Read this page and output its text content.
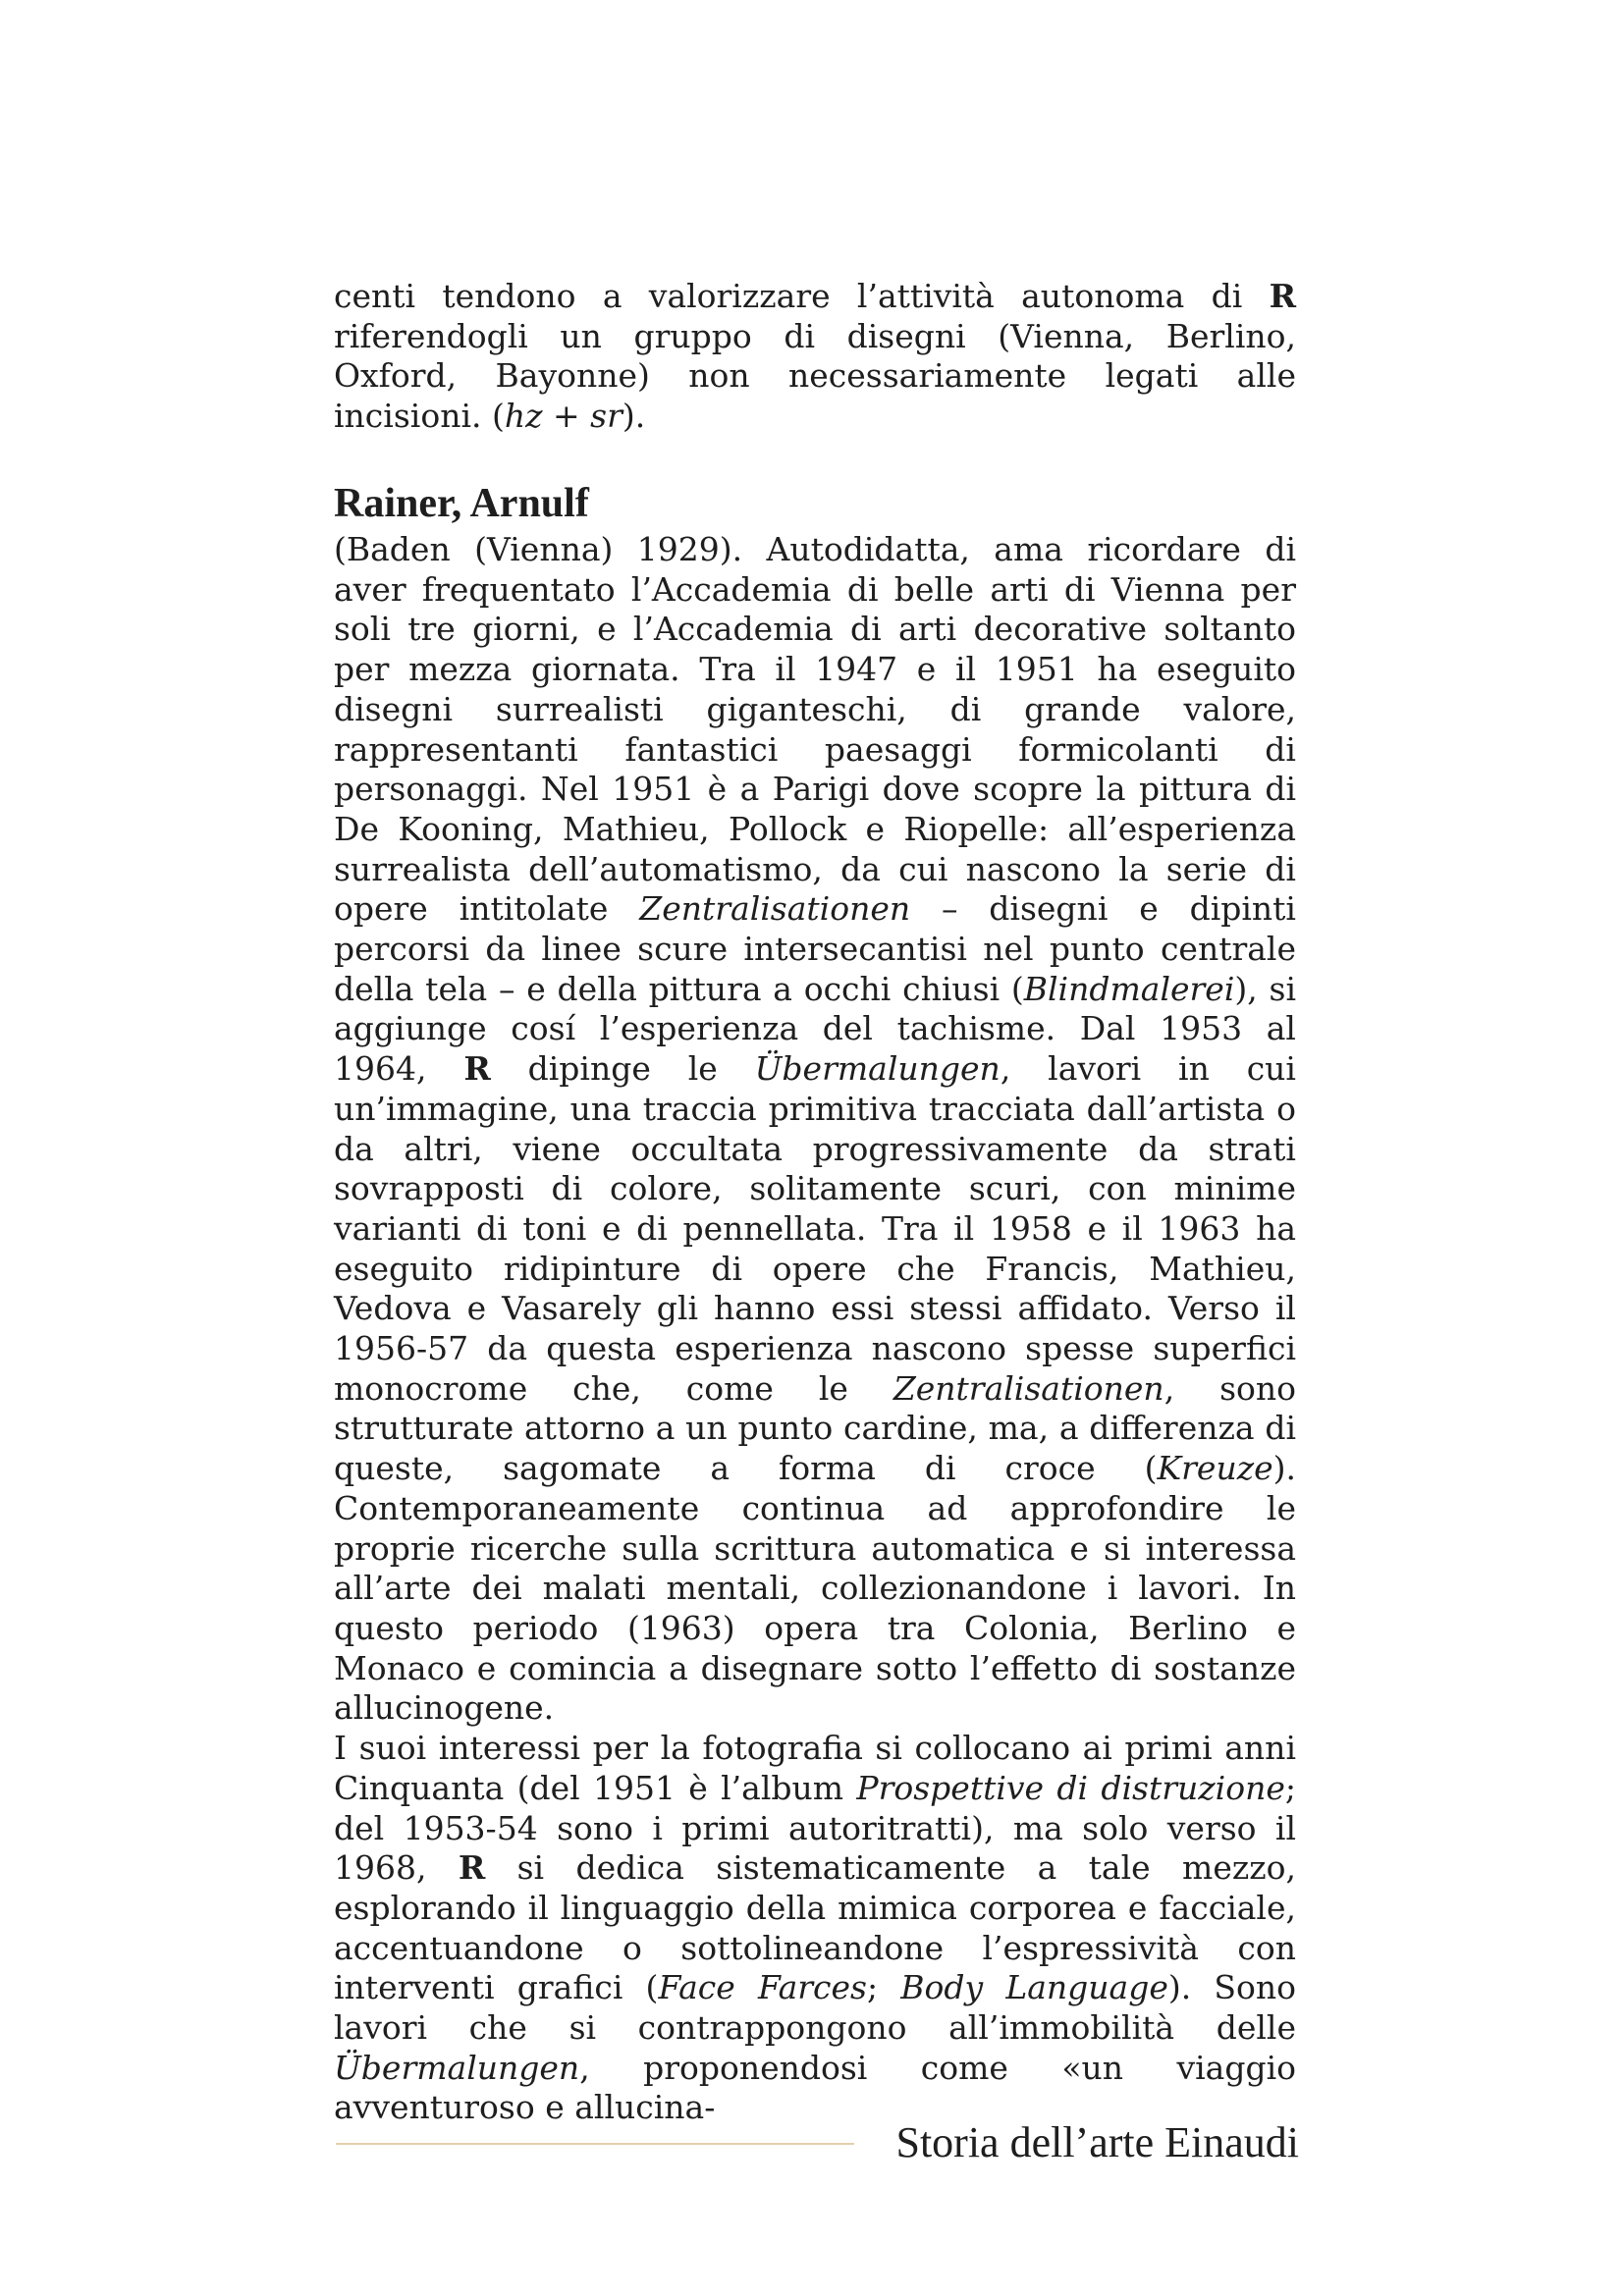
centi tendono a valorizzare l’attività autonoma di R riferendogli un gruppo di disegni (Vienna, Berlino, Oxford, Bayonne) non necessariamente legati alle incisioni. (hz + sr).

Rainer, Arnulf

(Baden (Vienna) 1929). Autodidatta, ama ricordare di aver frequentato l’Accademia di belle arti di Vienna per soli tre giorni, e l’Accademia di arti decorative soltanto per mezza giornata. Tra il 1947 e il 1951 ha eseguito disegni surrealisti giganteschi, di grande valore, rappresentanti fantastici paesaggi formicolanti di personaggi. Nel 1951 è a Parigi dove scopre la pittura di De Kooning, Mathieu, Pollock e Riopelle: all’esperienza surrealista dell’automatismo, da cui nascono la serie di opere intitolate Zentralisationen – disegni e dipinti percorsi da linee scure intersecantisi nel punto centrale della tela – e della pittura a occhi chiusi (Blindmalerei), si aggiunge cosí l’esperienza del tachisme. Dal 1953 al 1964, R dipinge le Übermalungen, lavori in cui un’immagine, una traccia primitiva tracciata dall’artista o da altri, viene occultata progressivamente da strati sovrapposti di colore, solitamente scuri, con minime varianti di toni e di pennellata. Tra il 1958 e il 1963 ha eseguito ridipinture di opere che Francis, Mathieu, Vedova e Vasarely gli hanno essi stessi affidato. Verso il 1956-57 da questa esperienza nascono spesse superfici monocrome che, come le Zentralisationen, sono strutturate attorno a un punto cardine, ma, a differenza di queste, sagomate a forma di croce (Kreuze). Contemporaneamente continua ad approfondire le proprie ricerche sulla scrittura automatica e si interessa all’arte dei malati mentali, collezionandone i lavori. In questo periodo (1963) opera tra Colonia, Berlino e Monaco e comincia a disegnare sotto l’effetto di sostanze allucinogene.

I suoi interessi per la fotografia si collocano ai primi anni Cinquanta (del 1951 è l’album Prospettive di distruzione; del 1953-54 sono i primi autoritratti), ma solo verso il 1968, R si dedica sistematicamente a tale mezzo, esplorando il linguaggio della mimica corporea e facciale, accentuandone o sottolineandone l’espressività con interventi grafici (Face Farces; Body Language). Sono lavori che si contrappongono all’immobilità delle Übermalungen, proponendosi come «un viaggio avventuroso e allucina-

Storia dell’arte Einaudi
